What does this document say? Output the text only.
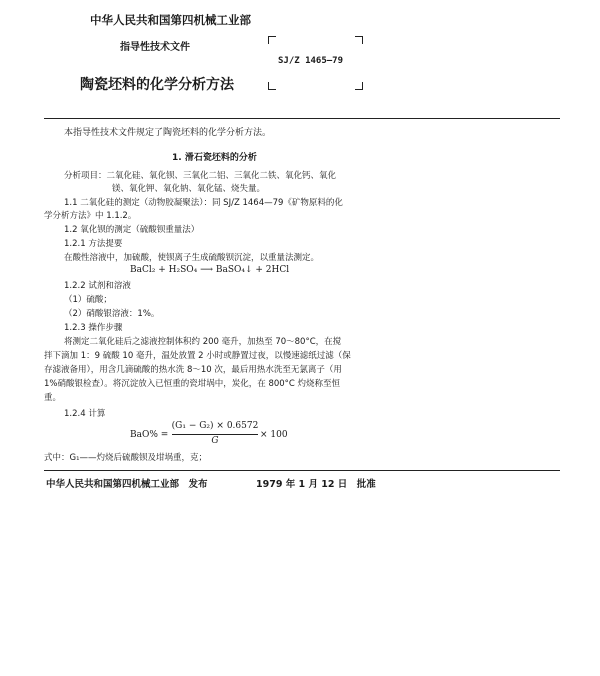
中华人民共和国第四机械工业部
指导性技术文件
陶瓷坯料的化学分析方法
SJ/Z 1465—79
本指导性技术文件规定了陶瓷坯料的化学分析方法。
1. 滑石瓷坯料的分析
分析项目：二氧化硅、氧化钡、三氧化二铝、三氧化二铁、氧化钙、氧化
镁、氧化钾、氧化钠、氧化锰、烧失量。
1.1 二氧化硅的测定（动物胶凝聚法）：同 SJ/Z 1464—79《矿物原料的化
学分析方法》中 1.1.2。
1.2 氧化钡的测定（硫酸钡重量法）
1.2.1 方法提要
在酸性溶液中，加硫酸，使钡离子生成硫酸钡沉淀，以重量法测定。
BaCl₂ + H₂SO₄ ⟶ BaSO₄↓ + 2HCl
1.2.2 试剂和溶液
（1）硫酸；
（2）硝酸银溶液：1%。
1.2.3 操作步骤
将测定二氧化硅后之滤液控制体积约 200 毫升，加热至 70～80°C，在搅
拌下滴加 1：9 硫酸 10 毫升，温处放置 2 小时或静置过夜，以慢速滤纸过滤（保
存滤液备用），用含几滴硫酸的热水洗 8～10 次，最后用热水洗至无氯离子（用
1%硝酸银检查）。将沉淀放入已恒重的瓷坩埚中，炭化，在 800°C 灼烧称至恒
重。
1.2.4 计算
BaO% =
(G₁ − G₂) × 0.6572
G
× 100
式中：G₁——灼烧后硫酸钡及坩埚重，克；
中华人民共和国第四机械工业部　发布	1979 年 1 月 12 日　批准
